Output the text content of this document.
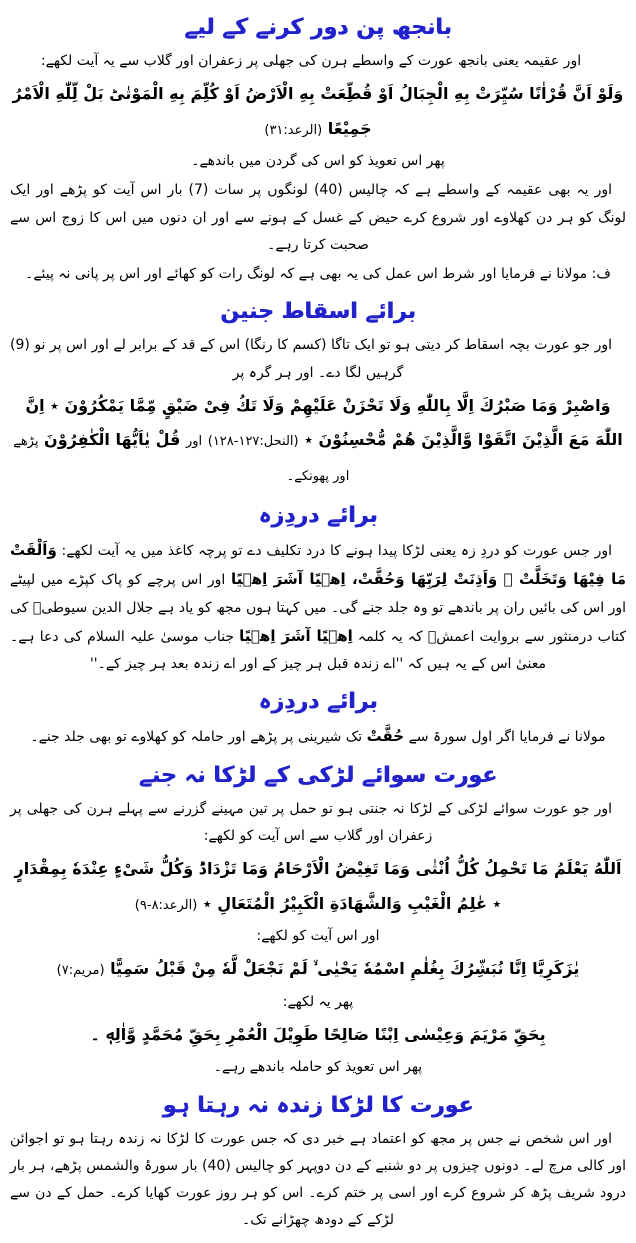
بانجھ پن دور کرنے کے لیے
اور عقیمہ یعنی بانجھ عورت کے واسطے ہرن کی جھلی پر زعفران اور گلاب سے یہ آیت لکھے:
وَلَوْ اَنَّ قُرْاٰنًا سُیِّرَتْ بِهِ الْجِبَالُ اَوْ قُطِّعَتْ بِهِ الْاَرْضُ اَوْ كُلِّمَ بِهِ الْمَوْتٰیؕ بَلْ لِّلّٰهِ الْاَمْرُ جَمِیْعًا (الرعد:۳۱)
پھر اس تعویذ کو اس کی گردن میں باندھے۔
اور یہ بھی عقیمہ کے واسطے ہے کہ چالیس (40) لونگوں پر سات (7) بار اس آیت کو پڑھے اور ایک لونگ کو ہر دن کھلاوے اور شروع کرے حیض کے غسل کے ہونے سے اور ان دنوں میں اس کا زوج اس سے صحبت کرتا رہے۔
ف: مولانا نے فرمایا اور شرط اس عمل کی یہ بھی ہے کہ لونگ رات کو کھائے اور اس پر پانی نہ پیئے۔
برائے اسقاط جنین
اور جو عورت بچہ اسقاط کر دیتی ہو تو ایک تاگا (کسم کا رنگا) اس کے قد کے برابر لے اور اس پر نو (9) گرہیں لگا دے۔ اور ہر گرہ پر
وَاصْبِرْ وَمَا صَبْرُكَ اِلَّا بِاللّٰهِ وَلَا تَحْزَنْ عَلَیْهِمْ وَلَا تَكُ فِیْ ضَیْقٍ مِّمَّا یَمْكُرُوْنَ ٭ اِنَّ اللّٰهَ مَعَ الَّذِیْنَ اتَّقَوْا وَّالَّذِیْنَ هُمْ مُّحْسِنُوْنَ ٭ (النحل:۱۲۷-۱۲۸) اور قُلْ یٰاَیُّهَا الْكٰفِرُوْنَ پڑھے اور پھونکے۔
برائے دردِزہ
اور جس عورت کو دردِ زہ یعنی لڑکا پیدا ہونے کا درد تکلیف دے تو پرچہ کاغذ میں یہ آیت لکھے: وَاَلْقَتْ مَا فِیْهَا وَتَخَلَّتْ ۔ وَاَذِنَتْ لِرَبِّهَا وَحُقَّتْ، اِهٖیًا آشَرَ اِهٖیًا اور اس پرچے کو پاک کپڑے میں لپیٹے اور اس کی بائیں ران پر باندھے تو وہ جلد جنے گی۔ میں کہتا ہوں مجھ کو یاد ہے جلال الدین سیوطیؒ کی کتاب درمنثور سے بروایت اعمشؒ کہ یہ کلمہ اِهٖیًا آشَرَ اِهٖیًا جناب موسیٰ علیہ السلام کی دعا ہے۔ معنیٰ اس کے یہ ہیں کہ ''اے زندہ قبل ہر چیز کے اور اے زندہ بعد ہر چیز کے۔''
برائے دردِزہ
مولانا نے فرمایا اگر اول سورۃ سے حُقَّتْ تک شیرینی پر پڑھے اور حاملہ کو کھلاوے تو بھی جلد جنے۔
عورت سوائے لڑکی کے لڑکا نہ جنے
اور جو عورت سوائے لڑکی کے لڑکا نہ جنتی ہو تو حمل پر تین مہینے گزرنے سے پہلے ہرن کی جھلی پر زعفران اور گلاب سے اس آیت کو لکھے:
اَللّٰهُ یَعْلَمُ مَا تَحْمِلُ كُلُّ اُنْثٰی وَمَا تَغِیْضُ الْاَرْحَامُ وَمَا تَزْدَادُؕ وَكُلُّ شَیْءٍ عِنْدَهٗ بِمِقْدَارٍ ٭ عٰلِمُ الْغَیْبِ وَالشَّهَادَةِ الْكَبِیْرُ الْمُتَعَالِ ٭ (الرعد:۸-۹)
اور اس آیت کو لکھے:
یٰزَكَرِیَّا اِنَّا نُبَشِّرُكَ بِغُلٰمِ اسْمُهٗ یَحْیٰی ۙ لَمْ نَجْعَلْ لَّهٗ مِنْ قَبْلُ سَمِیًّا (مریم:۷)
پھر یہ لکھے:
بِحَقِّ مَرْیَمَ وَعِیْسٰی اِبْنًا صَالِحًا طَوِیْلَ الْعُمْرِ بِحَقِّ مُحَمَّدٍ وَّاٰلِهٖ ۔
پھر اس تعویذ کو حاملہ باندھے رہے۔
عورت کا لڑکا زندہ نہ رہتا ہو
اور اس شخص نے جس پر مجھ کو اعتماد ہے خبر دی کہ جس عورت کا لڑکا نہ زندہ رہتا ہو تو اجوائن اور کالی مرچ لے۔ دونوں چیزوں پر دو شنبے کے دن دوپہر کو چالیس (40) بار سورۂ والشمس پڑھے، ہر بار درود شریف پڑھ کر شروع کرے اور اسی پر ختم کرے۔ اس کو ہر روز عورت کھایا کرے۔ حمل کے دن سے لڑکے کے دودھ چھڑانے تک۔
